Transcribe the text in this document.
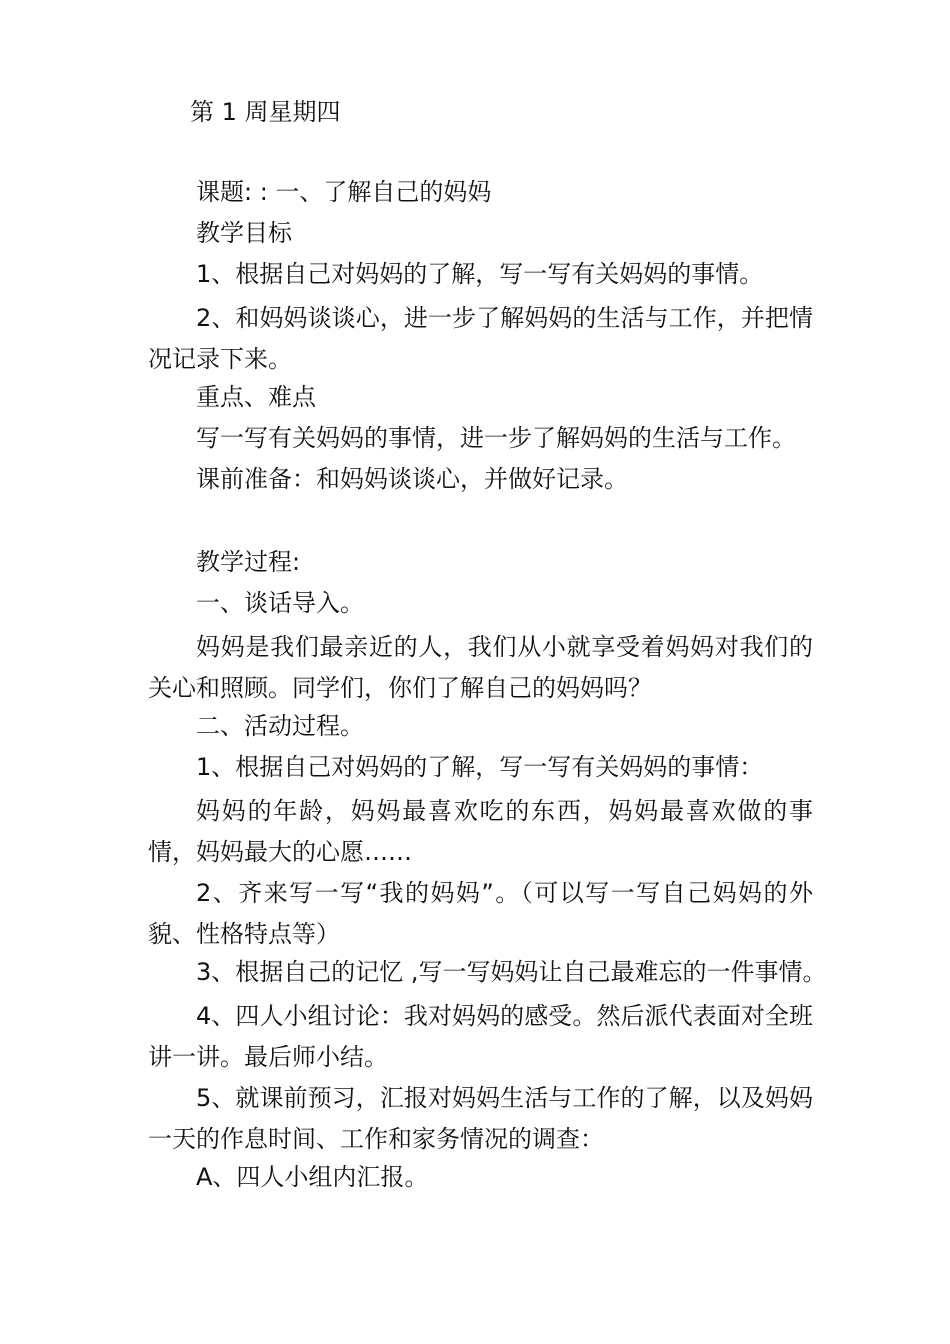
第 1 周星期四

课题: : 一、了解自己的妈妈

教学目标

1、根据自己对妈妈的了解，写一写有关妈妈的事情。

2、和妈妈谈谈心，进一步了解妈妈的生活与工作，并把情况记录下来。

重点、难点

写一写有关妈妈的事情，进一步了解妈妈的生活与工作。

课前准备：和妈妈谈谈心，并做好记录。

教学过程:

一、谈话导入。

妈妈是我们最亲近的人，我们从小就享受着妈妈对我们的关心和照顾。同学们，你们了解自己的妈妈吗？

二、活动过程。

1、根据自己对妈妈的了解，写一写有关妈妈的事情：

妈妈的年龄，妈妈最喜欢吃的东西，妈妈最喜欢做的事情，妈妈最大的心愿……

2、齐来写一写“我的妈妈”。（可以写一写自己妈妈的外貌、性格特点等）

3、根据自己的记忆 ,写一写妈妈让自己最难忘的一件事情。

4、四人小组讨论：我对妈妈的感受。然后派代表面对全班讲一讲。最后师小结。

5、就课前预习，汇报对妈妈生活与工作的了解，以及妈妈一天的作息时间、工作和家务情况的调查：

A、四人小组内汇报。
